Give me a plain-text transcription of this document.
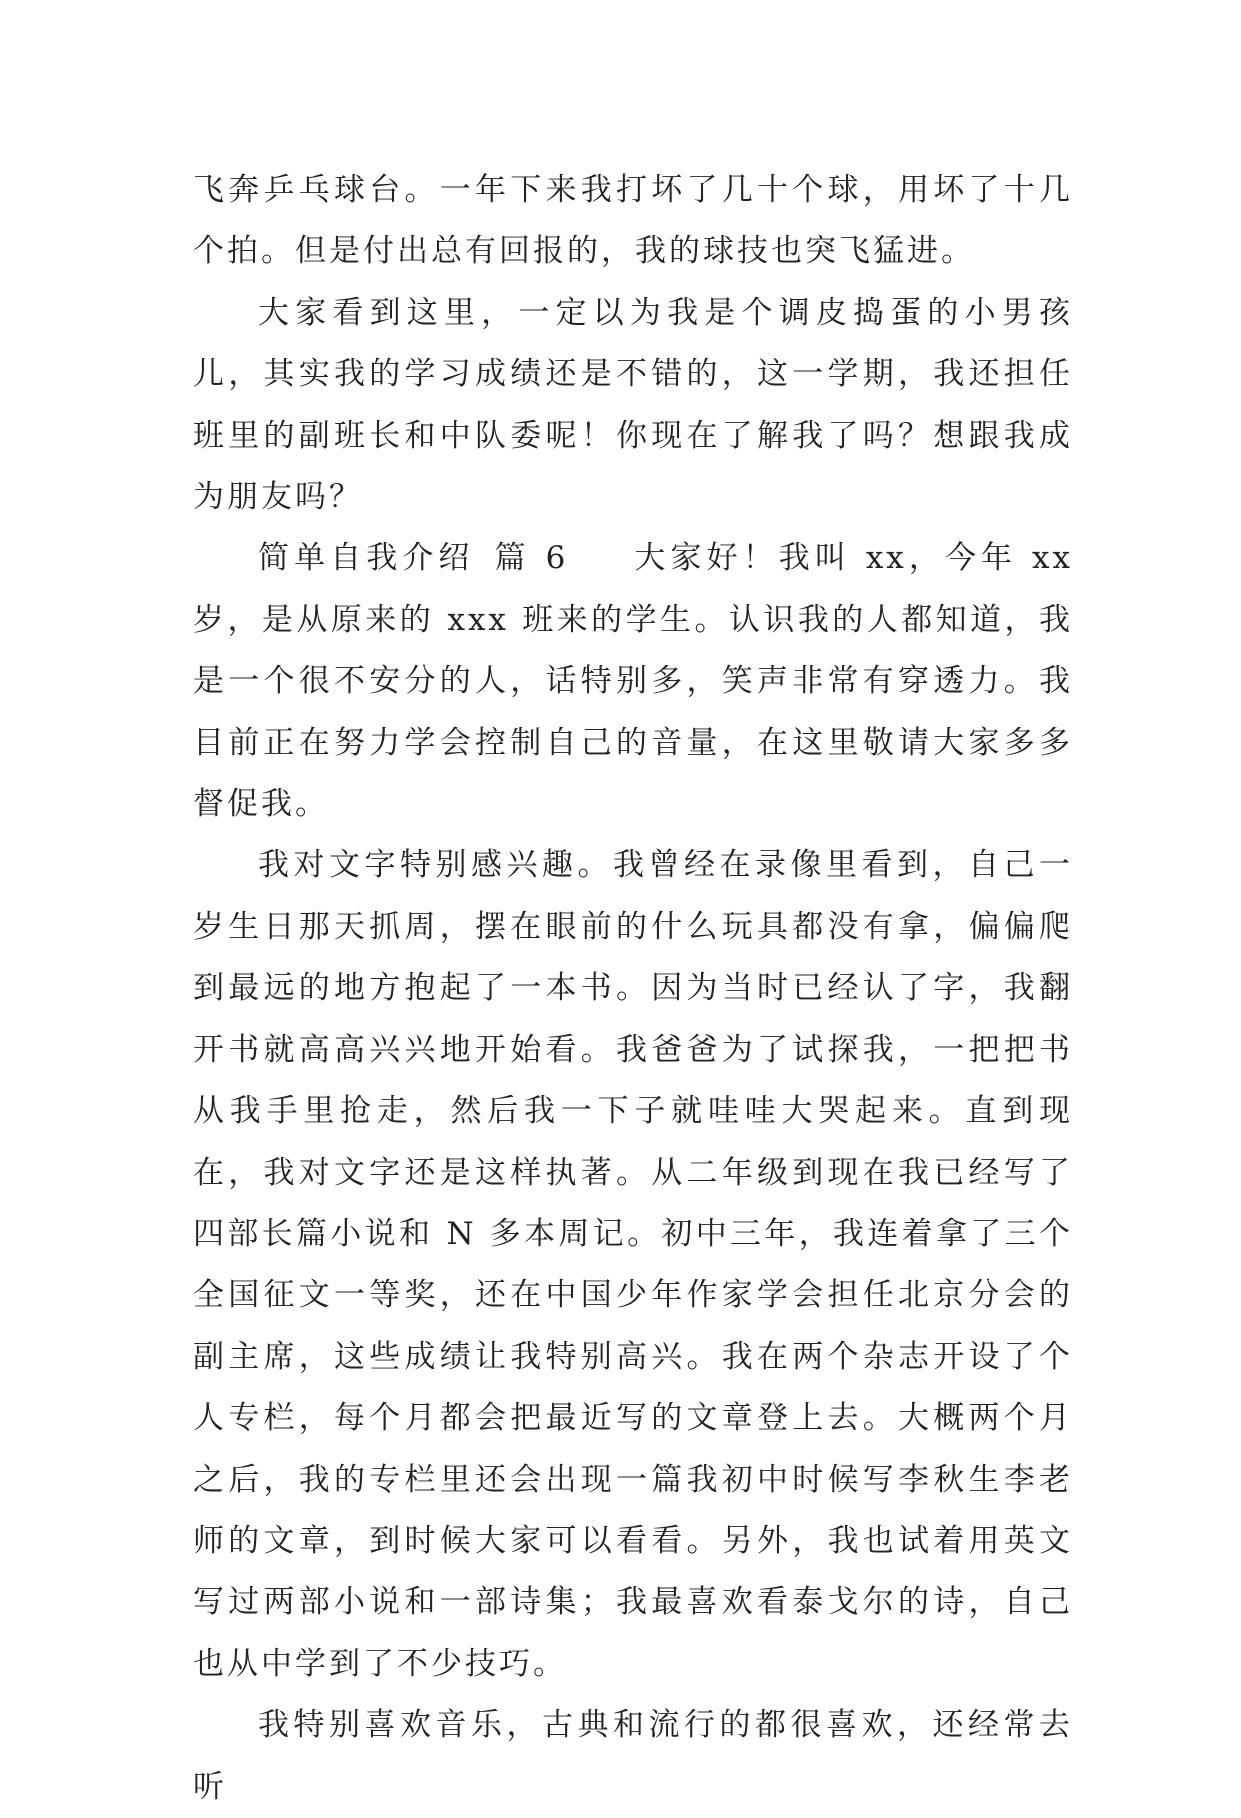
飞奔乒乓球台。一年下来我打坏了几十个球，用坏了十几个拍。但是付出总有回报的，我的球技也突飞猛进。

大家看到这里，一定以为我是个调皮捣蛋的小男孩儿，其实我的学习成绩还是不错的，这一学期，我还担任班里的副班长和中队委呢！你现在了解我了吗？想跟我成为朋友吗？

简单自我介绍 篇 6 大家好！我叫 xx，今年 xx 岁，是从原来的 xxx 班来的学生。认识我的人都知道，我是一个很不安分的人，话特别多，笑声非常有穿透力。我目前正在努力学会控制自己的音量，在这里敬请大家多多督促我。

我对文字特别感兴趣。我曾经在录像里看到，自己一岁生日那天抓周，摆在眼前的什么玩具都没有拿，偏偏爬到最远的地方抱起了一本书。因为当时已经认了字，我翻开书就高高兴兴地开始看。我爸爸为了试探我，一把把书从我手里抢走，然后我一下子就哇哇大哭起来。直到现在，我对文字还是这样执著。从二年级到现在我已经写了四部长篇小说和 N 多本周记。初中三年，我连着拿了三个全国征文一等奖，还在中国少年作家学会担任北京分会的副主席，这些成绩让我特别高兴。我在两个杂志开设了个人专栏，每个月都会把最近写的文章登上去。大概两个月之后，我的专栏里还会出现一篇我初中时候写李秋生李老师的文章，到时候大家可以看看。另外，我也试着用英文写过两部小说和一部诗集；我最喜欢看泰戈尔的诗，自己也从中学到了不少技巧。

我特别喜欢音乐，古典和流行的都很喜欢，还经常去听
